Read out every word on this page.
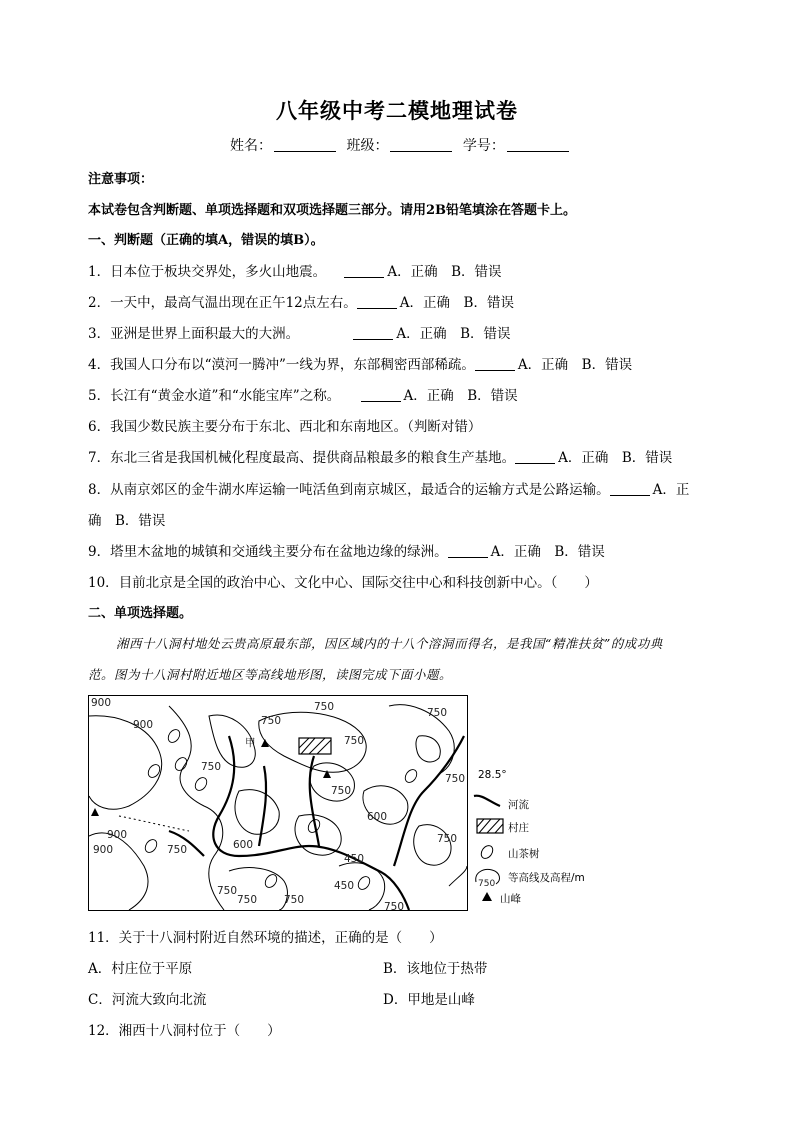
八年级中考二模地理试卷
姓名：	班级：	学号：
注意事项：
本试卷包含判断题、单项选择题和双项选择题三部分。请用2B铅笔填涂在答题卡上。
一、判断题（正确的填A，错误的填B）。
1．日本位于板块交界处，多火山地震。	A．正确　B．错误
2．一天中，最高气温出现在正午12点左右。	A．正确　B．错误
3．亚洲是世界上面积最大的大洲。	A．正确　B．错误
4．我国人口分布以“漠河一腾冲”一线为界，东部稠密西部稀疏。	A．正确　B．错误
5．长江有“黄金水道”和“水能宝库”之称。	A．正确　B．错误
6．我国少数民族主要分布于东北、西北和东南地区。（判断对错）
7．东北三省是我国机械化程度最高、提供商品粮最多的粮食生产基地。	A．正确　B．错误
8．从南京郊区的金牛湖水库运输一吨活鱼到南京城区，最适合的运输方式是公路运输。	A．正
确　B．错误
9．塔里木盆地的城镇和交通线主要分布在盆地边缘的绿洲。	A．正确　B．错误
10．目前北京是全国的政治中心、文化中心、国际交往中心和科技创新中心。（　　）
二、单项选择题。
湘西十八洞村地处云贵高原最东部，因区域内的十八个溶洞而得名，是我国“精准扶贫”的成功典
范。图为十八洞村附近地区等高线地形图，读图完成下面小题。
900
900	750
750
750
750
750
750
750
750
600
600
450
450
900
900	750
750
750	750
750
甲
28.5°
河流
村庄
山茶树
750 等高线及高程/m
山峰
11．关于十八洞村附近自然环境的描述，正确的是（　　）
A．村庄位于平原	B．该地位于热带
C．河流大致向北流	D．甲地是山峰
12．湘西十八洞村位于（　　）
